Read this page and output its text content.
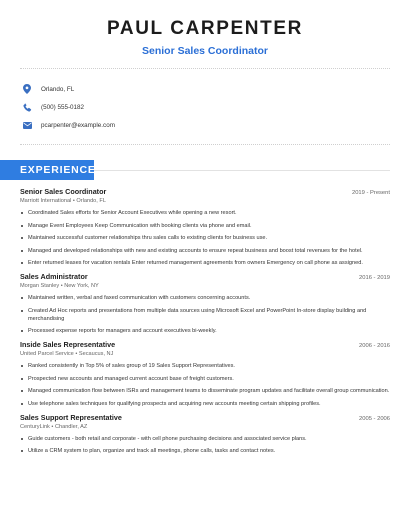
PAUL CARPENTER
Senior Sales Coordinator
Orlando, FL
(500) 555-0182
pcarpenter@example.com
EXPERIENCE
Senior Sales Coordinator	2019 - Present
Marriott International • Orlando, FL
Coordinated Sales efforts for Senior Account Executives while opening a new resort.
Manage Event Employees Keep Communication with booking clients via phone and email.
Maintained successful customer relationships thru sales calls to existing clients for business use.
Managed and developed relationships with new and existing accounts to ensure repeat business and boost total revenues for the hotel.
Enter returned leases for vacation rentals Enter returned management agreements from owners Emergency on call phone as assigned.
Sales Administrator	2016 - 2019
Morgan Stanley • New York, NY
Maintained written, verbal and faxed communication with customers concerning accounts.
Created Ad Hoc reports and presentations from multiple data sources using Microsoft Excel and PowerPoint In-store display building and merchandising
Processed expense reports for managers and account executives bi-weekly.
Inside Sales Representative	2006 - 2016
United Parcel Service • Secaucus, NJ
Ranked consistently in Top 5% of sales group of 19 Sales Support Representatives.
Prospected new accounts and managed current account base of freight customers.
Managed communication flow between ISRs and management teams to disseminate program updates and facilitate overall group communication.
Use telephone sales techniques for qualifying prospects and acquiring new accounts meeting certain shipping profiles.
Sales Support Representative	2005 - 2006
CenturyLink • Chandler, AZ
Guide customers - both retail and corporate - with cell phone purchasing decisions and associated service plans.
Utilize a CRM system to plan, organize and track all meetings, phone calls, tasks and contact notes.
